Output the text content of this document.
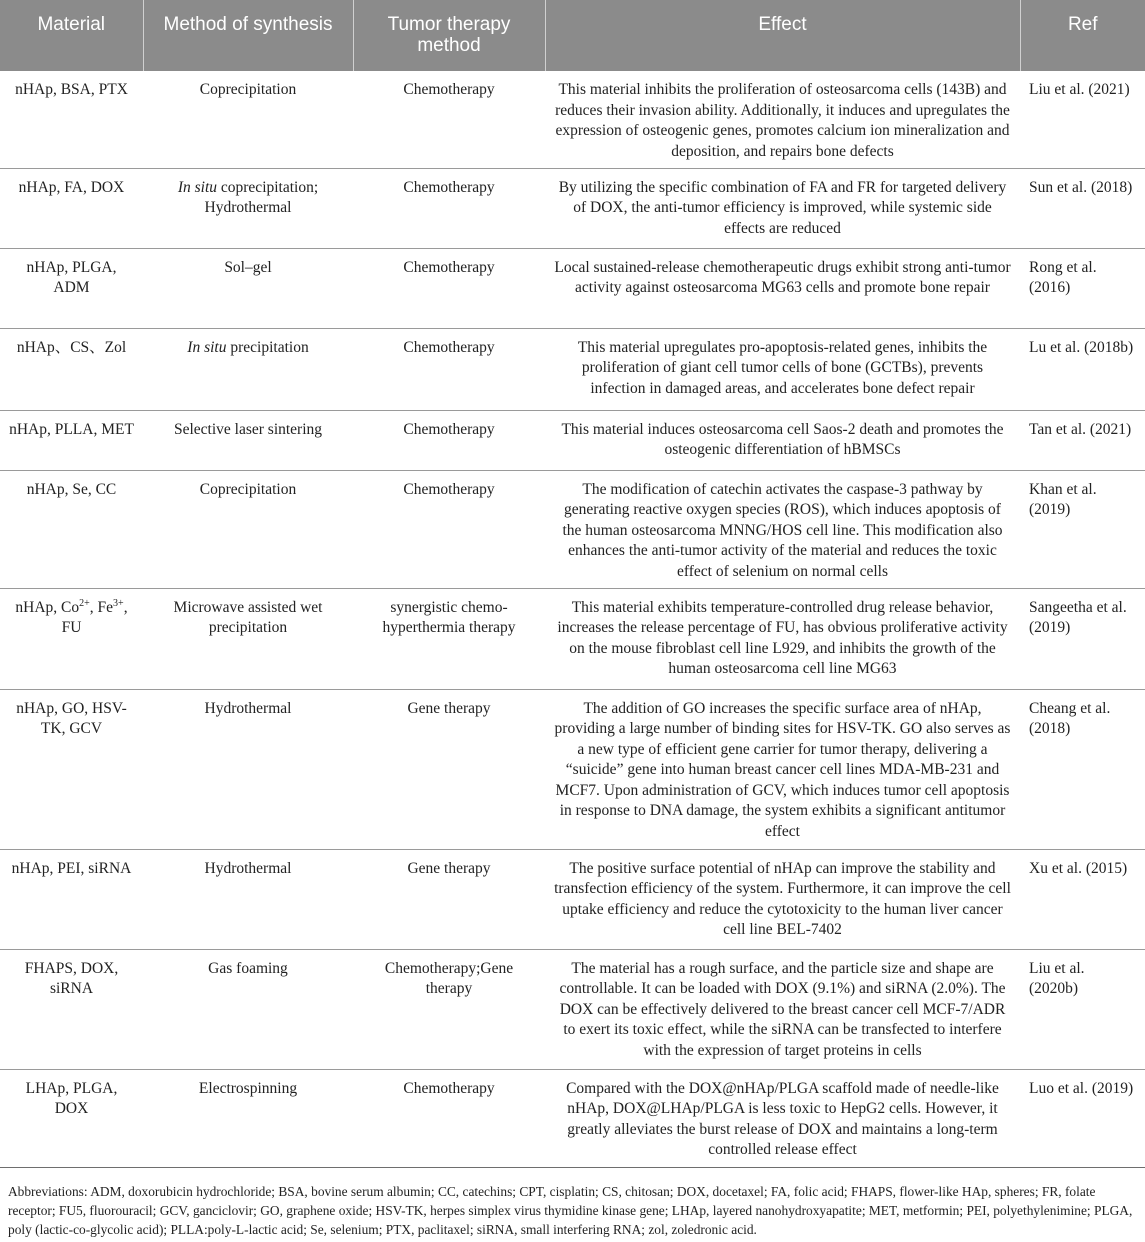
Material	Method of synthesis	Tumor therapy method	Effect	Ref
nHAp, BSA, PTX	Coprecipitation	Chemotherapy	This material inhibits the proliferation of osteosarcoma cells (143B) and reduces their invasion ability. Additionally, it induces and upregulates the expression of osteogenic genes, promotes calcium ion mineralization and deposition, and repairs bone defects	Liu et al. (2021)
nHAp, FA, DOX	In situ coprecipitation; Hydrothermal	Chemotherapy	By utilizing the specific combination of FA and FR for targeted delivery of DOX, the anti-tumor efficiency is improved, while systemic side effects are reduced	Sun et al. (2018)
nHAp, PLGA, ADM	Sol–gel	Chemotherapy	Local sustained-release chemotherapeutic drugs exhibit strong anti-tumor activity against osteosarcoma MG63 cells and promote bone repair	Rong et al. (2016)
nHAp、CS、Zol	In situ precipitation	Chemotherapy	This material upregulates pro-apoptosis-related genes, inhibits the proliferation of giant cell tumor cells of bone (GCTBs), prevents infection in damaged areas, and accelerates bone defect repair	Lu et al. (2018b)
nHAp, PLLA, MET	Selective laser sintering	Chemotherapy	This material induces osteosarcoma cell Saos-2 death and promotes the osteogenic differentiation of hBMSCs	Tan et al. (2021)
nHAp, Se, CC	Coprecipitation	Chemotherapy	The modification of catechin activates the caspase-3 pathway by generating reactive oxygen species (ROS), which induces apoptosis of the human osteosarcoma MNNG/HOS cell line. This modification also enhances the anti-tumor activity of the material and reduces the toxic effect of selenium on normal cells	Khan et al. (2019)
nHAp, $Co^{2+}$, $Fe^{3+}$, FU	Microwave assisted wet precipitation	synergistic chemo-hyperthermia therapy	This material exhibits temperature-controlled drug release behavior, increases the release percentage of FU, has obvious proliferative activity on the mouse fibroblast cell line L929, and inhibits the growth of the human osteosarcoma cell line MG63	Sangeetha et al. (2019)
nHAp, GO, HSV-TK, GCV	Hydrothermal	Gene therapy	The addition of GO increases the specific surface area of nHAp, providing a large number of binding sites for HSV-TK. GO also serves as a new type of efficient gene carrier for tumor therapy, delivering a “suicide” gene into human breast cancer cell lines MDA-MB-231 and MCF7. Upon administration of GCV, which induces tumor cell apoptosis in response to DNA damage, the system exhibits a significant antitumor effect	Cheang et al. (2018)
nHAp, PEI, siRNA	Hydrothermal	Gene therapy	The positive surface potential of nHAp can improve the stability and transfection efficiency of the system. Furthermore, it can improve the cell uptake efficiency and reduce the cytotoxicity to the human liver cancer cell line BEL-7402	Xu et al. (2015)
FHAPS, DOX, siRNA	Gas foaming	Chemotherapy;Gene therapy	The material has a rough surface, and the particle size and shape are controllable. It can be loaded with DOX (9.1%) and siRNA (2.0%). The DOX can be effectively delivered to the breast cancer cell MCF-7/ADR to exert its toxic effect, while the siRNA can be transfected to interfere with the expression of target proteins in cells	Liu et al. (2020b)
LHAp, PLGA, DOX	Electrospinning	Chemotherapy	Compared with the DOX@nHAp/PLGA scaffold made of needle-like nHAp, DOX@LHAp/PLGA is less toxic to HepG2 cells. However, it greatly alleviates the burst release of DOX and maintains a long-term controlled release effect	Luo et al. (2019)
Abbreviations: ADM, doxorubicin hydrochloride; BSA, bovine serum albumin; CC, catechins; CPT, cisplatin; CS, chitosan; DOX, docetaxel; FA, folic acid; FHAPS, flower-like HAp, spheres; FR, folate receptor; FU5, fluorouracil; GCV, ganciclovir; GO, graphene oxide; HSV-TK, herpes simplex virus thymidine kinase gene; LHAp, layered nanohydroxyapatite; MET, metformin; PEI, polyethylenimine; PLGA, poly (lactic-co-glycolic acid); PLLA:poly-L-lactic acid; Se, selenium; PTX, paclitaxel; siRNA, small interfering RNA; zol, zoledronic acid.
